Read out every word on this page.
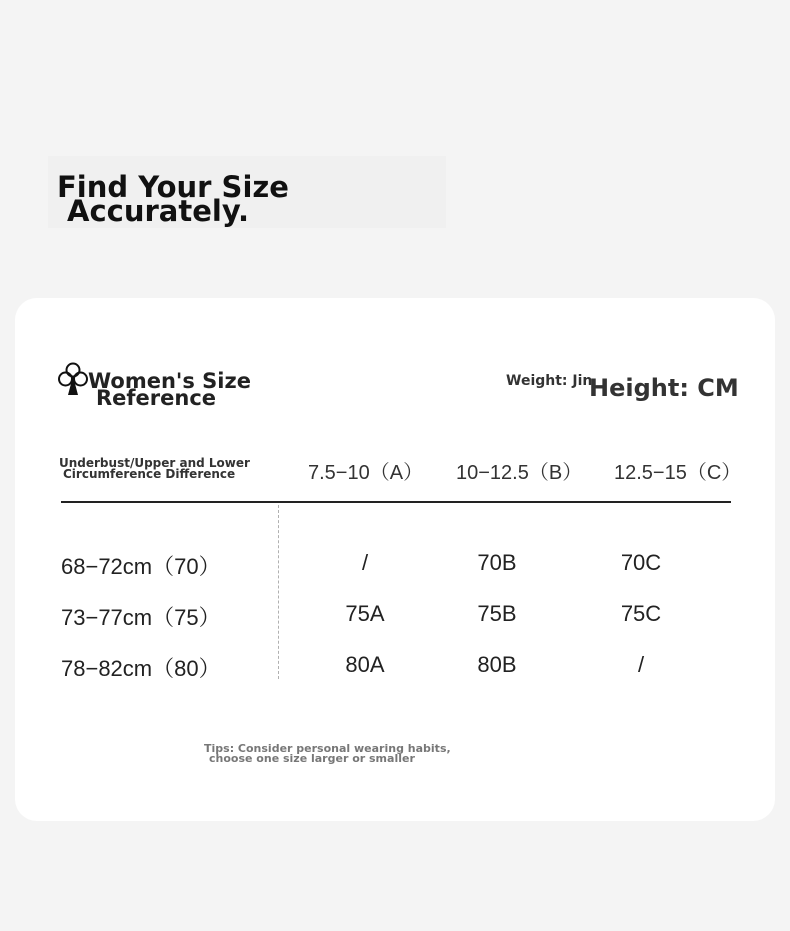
Find Your Size
Accurately.
Women's Size
Reference
Weight: Jin
Height: CM
Underbust/Upper and Lower
Circumference Difference	7.5−10（A） 10−12.5（B） 12.5−15（C）
68−72cm（70）	/	70B	70C
73−77cm（75）	75A	75B	75C
78−82cm（80）	80A	80B	/
Tips: Consider personal wearing habits,
choose one size larger or smaller
